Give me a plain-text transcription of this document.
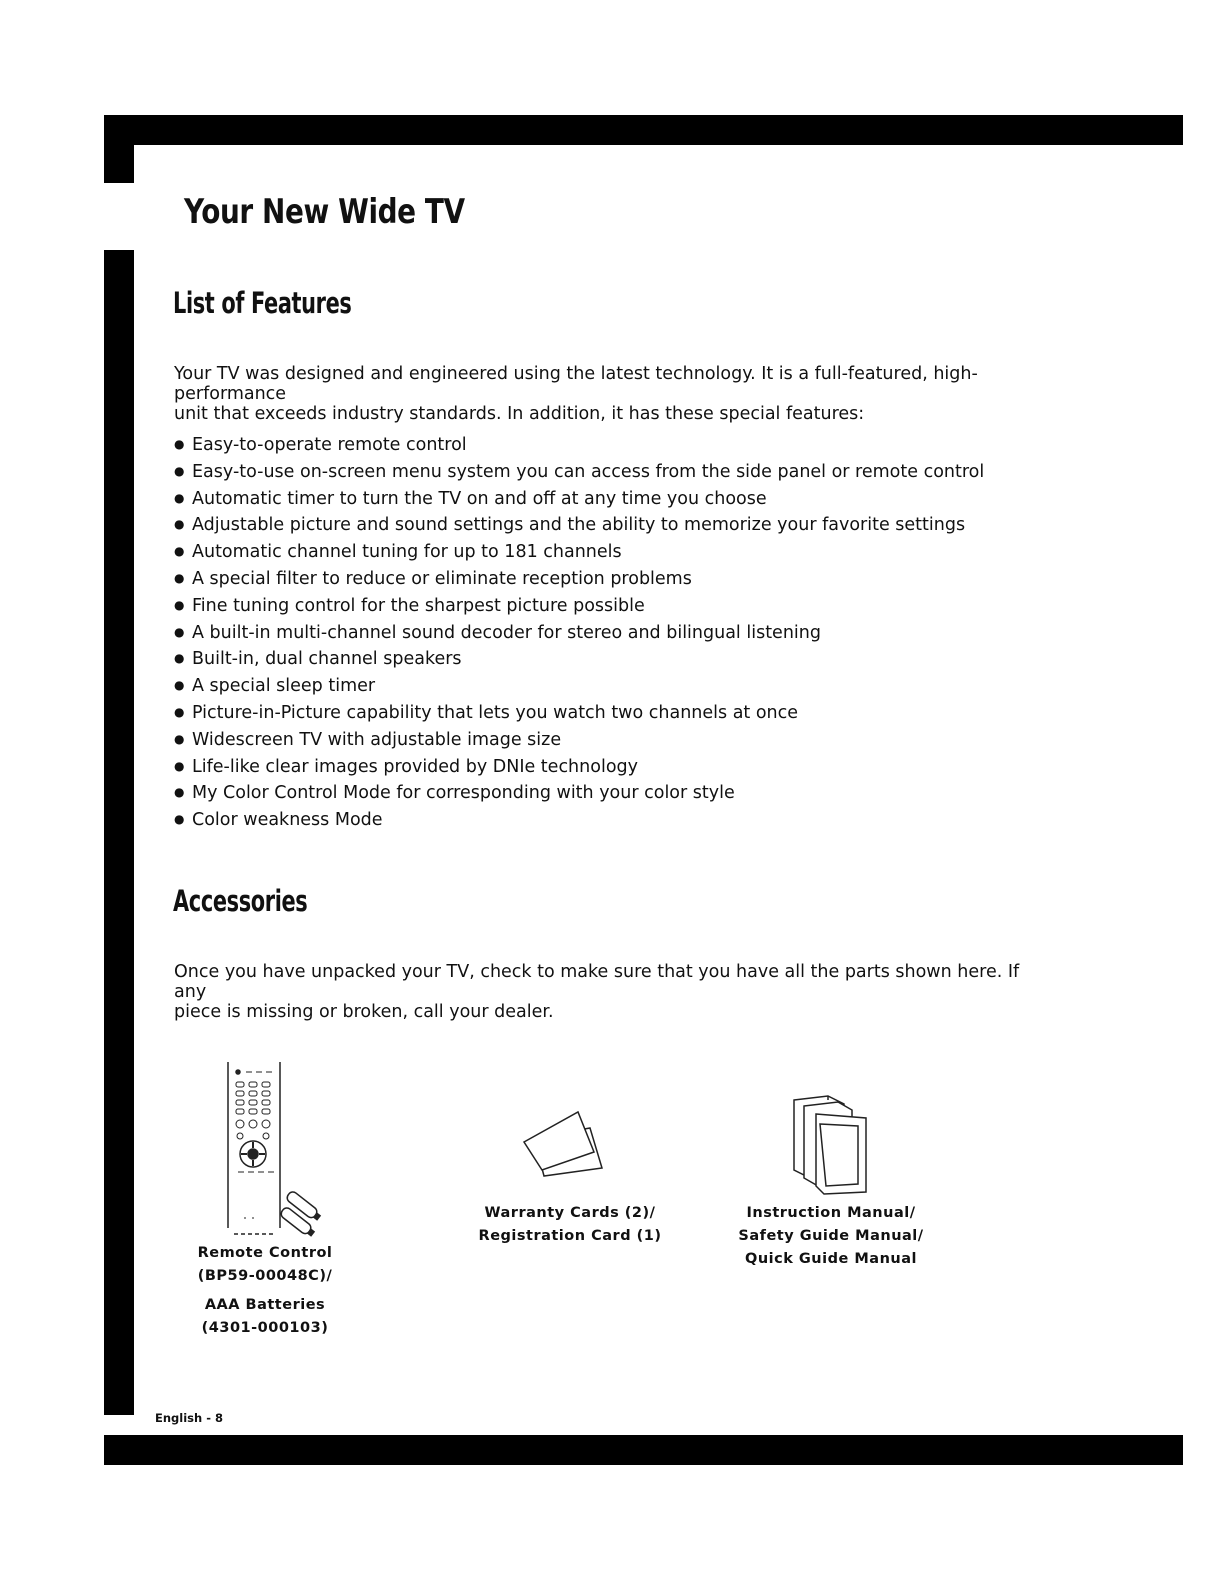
Your New Wide TV
List of Features
Your TV was designed and engineered using the latest technology. It is a full-featured, high-performance
unit that exceeds industry standards. In addition, it has these special features:
● Easy-to-operate remote control
● Easy-to-use on-screen menu system you can access from the side panel or remote control
● Automatic timer to turn the TV on and off at any time you choose
● Adjustable picture and sound settings and the ability to memorize your favorite settings
● Automatic channel tuning for up to 181 channels
● A special filter to reduce or eliminate reception problems
● Fine tuning control for the sharpest picture possible
● A built-in multi-channel sound decoder for stereo and bilingual listening
● Built-in, dual channel speakers
● A special sleep timer
● Picture-in-Picture capability that lets you watch two channels at once
● Widescreen TV with adjustable image size
● Life-like clear images provided by DNIe technology
● My Color Control Mode for corresponding with your color style
● Color weakness Mode
Accessories
Once you have unpacked your TV, check to make sure that you have all the parts shown here. If any
piece is missing or broken, call your dealer.
Remote Control
(BP59-00048C)/
AAA Batteries
(4301-000103)
Warranty Cards (2)/
Registration Card (1)
Instruction Manual/
Safety Guide Manual/
Quick Guide Manual
English - 8
